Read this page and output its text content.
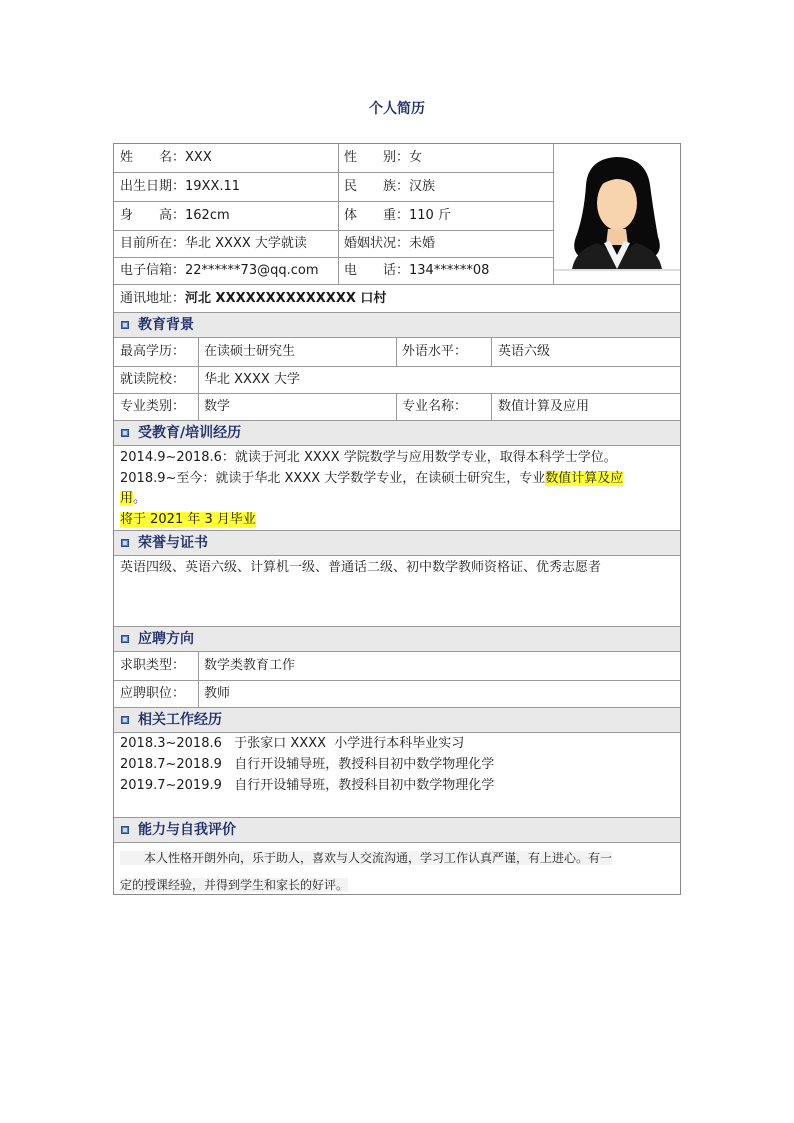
个人简历
姓　　名：XXX	性　　别：女
出生日期：19XX.11	民　　族：汉族
身　　高：162cm	体　　重：110 斤
目前所在：华北 XXXX 大学就读	婚姻状况：未婚
电子信箱：22******73@qq.com 电　　话：134******08
通讯地址：河北 XXXXXXXXXXXXXX 口村
教育背景
最高学历： 在读硕士研究生	外语水平： 英语六级
就读院校： 华北 XXXX 大学
专业类别： 数学	专业名称： 数值计算及应用
受教育/培训经历
2014.9~2018.6：就读于河北 XXXX 学院数学与应用数学专业，取得本科学士学位。
2018.9~至今：就读于华北 XXXX 大学数学专业，在读硕士研究生，专业数值计算及应
用。
将于 2021 年 3 月毕业
荣誉与证书
英语四级、英语六级、计算机一级、普通话二级、初中数学教师资格证、优秀志愿者
应聘方向
求职类型： 数学类教育工作
应聘职位： 教师
相关工作经历
2018.3~2018.6   于张家口 XXXX  小学进行本科毕业实习
2018.7~2018.9   自行开设辅导班，教授科目初中数学物理化学
2019.7~2019.9   自行开设辅导班，教授科目初中数学物理化学
能力与自我评价
　　本人性格开朗外向，乐于助人，喜欢与人交流沟通，学习工作认真严谨，有上进心。有一
定的授课经验，并得到学生和家长的好评。
